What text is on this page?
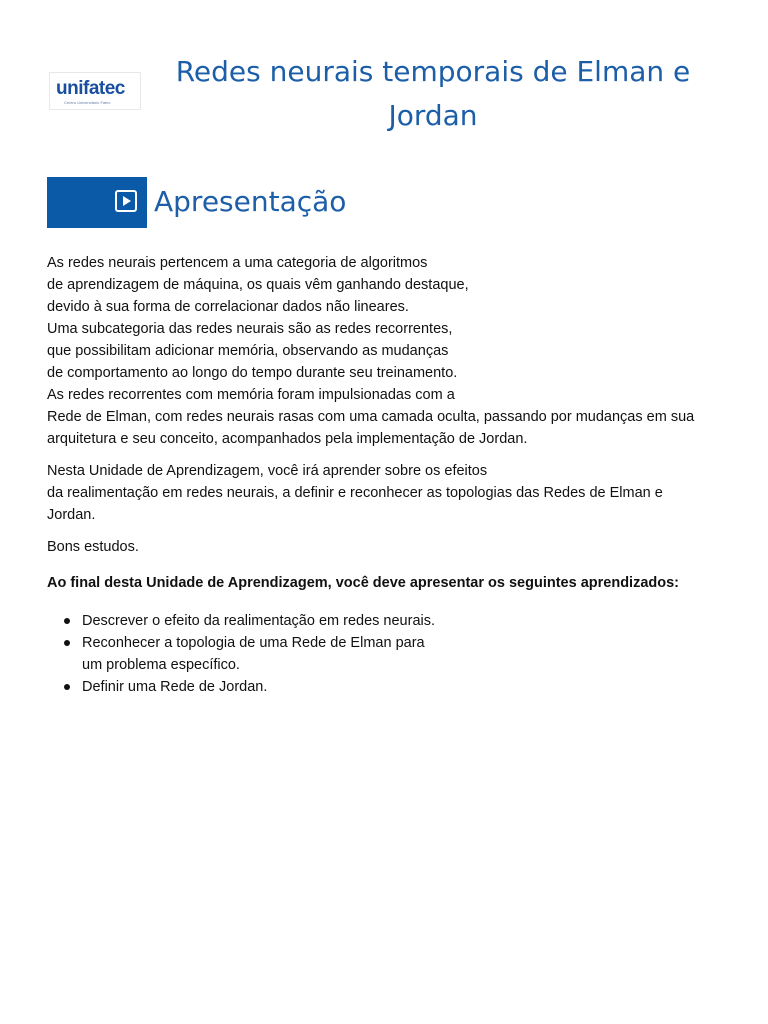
unifatec
Centro Universitário Fatec
Redes neurais temporais de Elman e
Jordan
Apresentação

As redes neurais pertencem a uma categoria de algoritmos
de aprendizagem de máquina, os quais vêm ganhando destaque,
devido à sua forma de correlacionar dados não lineares.
Uma subcategoria das redes neurais são as redes recorrentes,
que possibilitam adicionar memória, observando as mudanças
de comportamento ao longo do tempo durante seu treinamento.
As redes recorrentes com memória foram impulsionadas com a
Rede de Elman, com redes neurais rasas com uma camada oculta, passando por mudanças em sua
arquitetura e seu conceito, acompanhados pela implementação de Jordan.

Nesta Unidade de Aprendizagem, você irá aprender sobre os efeitos
da realimentação em redes neurais, a definir e reconhecer as topologias das Redes de Elman e
Jordan.

Bons estudos.

Ao final desta Unidade de Aprendizagem, você deve apresentar os seguintes aprendizados:

Descrever o efeito da realimentação em redes neurais.
Reconhecer a topologia de uma Rede de Elman para
um problema específico.
Definir uma Rede de Jordan.
